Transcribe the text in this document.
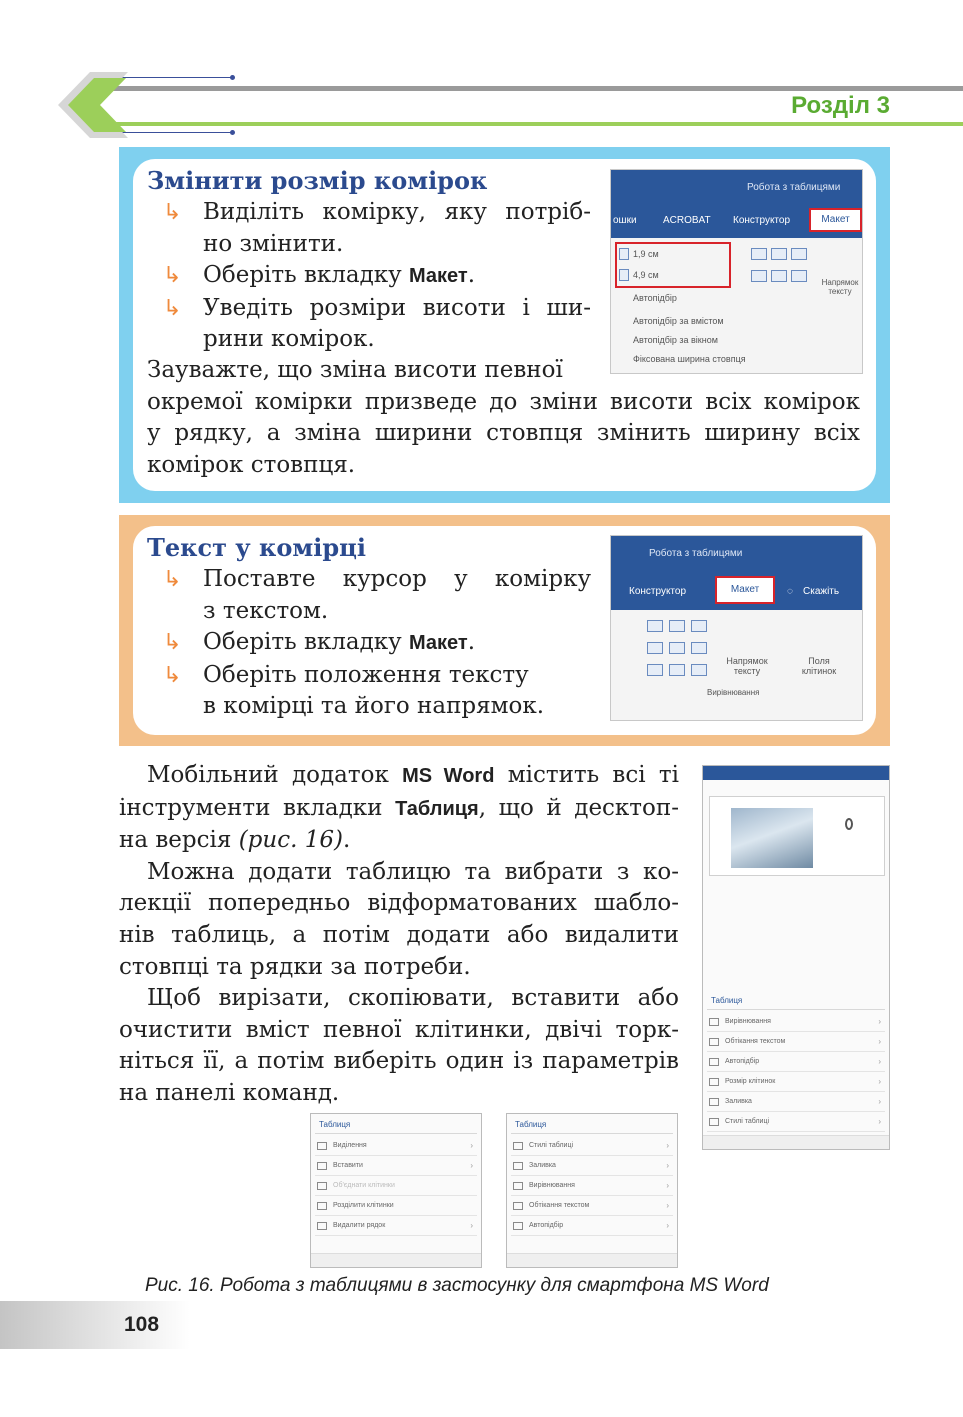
Розділ 3
Змінити розмір комірок
↳ Виділіть комірку, яку потріб-
но змінити.
↳ Оберіть вкладку Макет.
↳ Уведіть розміри висоти і ши-
рини комірок.
Зауважте, що зміна висоти певної
окремої комірки призведе до зміни висоти всіх комірок
у рядку, а зміна ширини стовпця змінить ширину всіх
комірок стовпця.
Робота з таблицями
ошки	ACROBAT Конструктор	Макет
1,9 см
4,9 см
Напрямок тексту
Автопідбір
Автопідбір за вмістом
Автопідбір за вікном
Фіксована ширина стовпця
Текст у комірці
↳ Поставте курсор у комірку
з текстом.
↳ Оберіть вкладку Макет.
↳ Оберіть положення тексту
в комірці та його напрямок.
Робота з таблицями
Конструктор	Макет	◌ Скажіть
Напрямок тексту
Поля клітинок
Вирівнювання

Мобільний додаток MS Word містить всі ті
інструменти вкладки Таблиця, що й десктоп-
на версія (рис. 16).

Можна додати таблицю та вибрати з ко-
лекції попередньо відформатованих шабло-
нів таблиць, а потім додати або видалити
стовпці та рядки за потреби.

Щоб вирізати, скопіювати, вставити або
очистити вміст певної клітинки, двічі торк-
ніться її, а потім виберіть один із параметрів
на панелі команд.

Таблиця
Вирівнювання	›
Обтікання текстом	›
Автопідбір	›
Розмір клітинок	›
Заливка	›
Стилі таблиці	›
Таблиця
Виділення	›
Вставити	›
Об'єднати клітинки
Розділити клітинки
Видалити рядок	›
Таблиця
Стилі таблиці	›
Заливка	›
Вирівнювання	›
Обтікання текстом	›
Автопідбір	›
Рис. 16. Робота з таблицями в застосунку для смартфона MS Word
108
